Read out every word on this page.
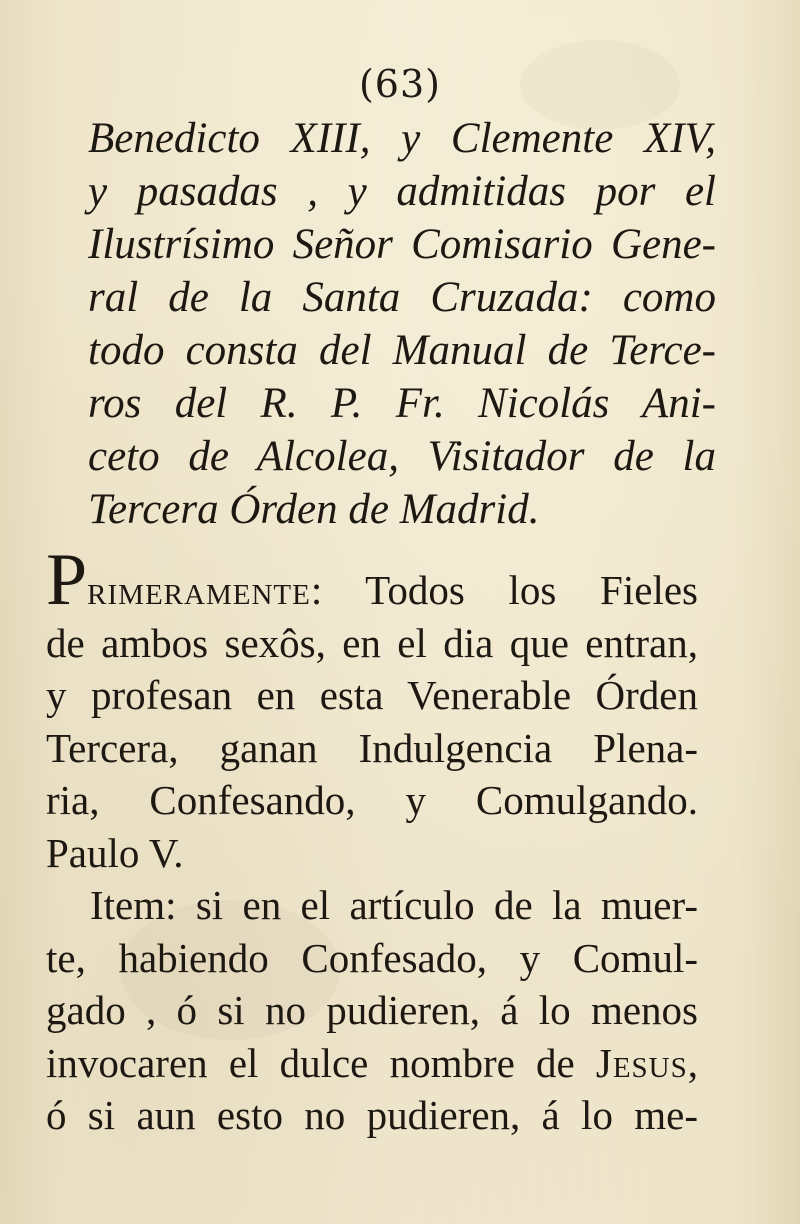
(63)
Benedicto XIII, y Clemente XIV,
y pasadas , y admitidas por el
Ilustrísimo Señor Comisario Gene-
ral de la Santa Cruzada: como
todo consta del Manual de Terce-
ros del R. P. Fr. Nicolás Ani-
ceto de Alcolea, Visitador de la
Tercera Órden de Madrid.
Primeramente: Todos los Fieles
de ambos sexôs, en el dia que entran,
y profesan en esta Venerable Órden
Tercera, ganan Indulgencia Plena-
ria, Confesando, y Comulgando.
Paulo V.
Item: si en el artículo de la muer-
te, habiendo Confesado, y Comul-
gado , ó si no pudieren, á lo menos
invocaren el dulce nombre de Jesus,
ó si aun esto no pudieren, á lo me-
